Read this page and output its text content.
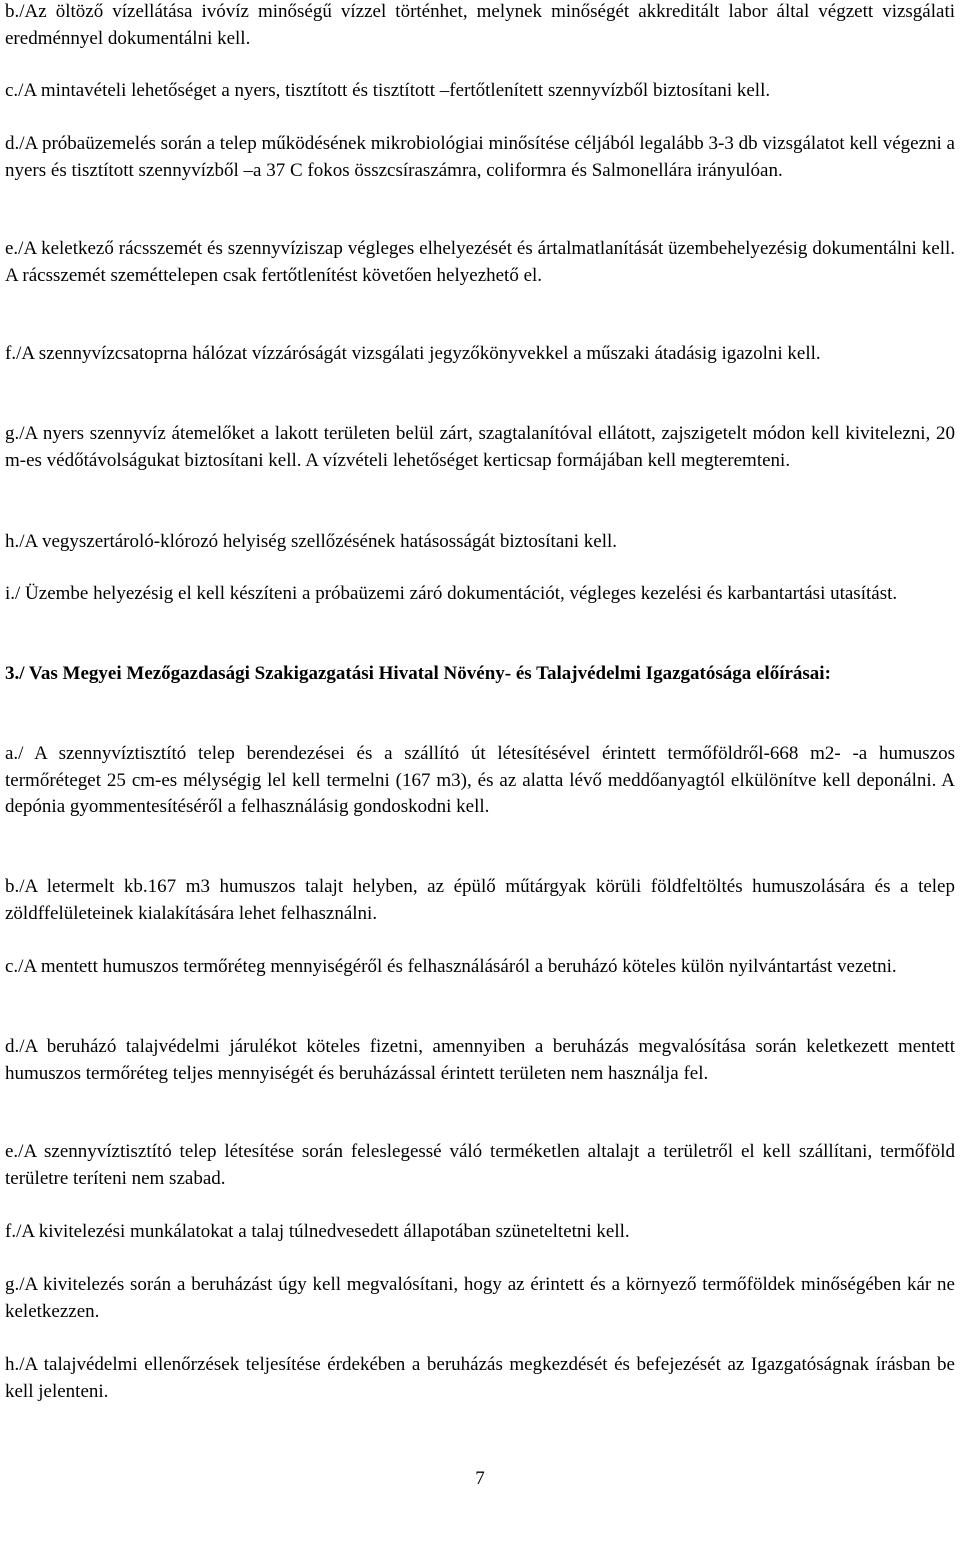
b./Az öltöző vízellátása ivóvíz minőségű vízzel történhet, melynek minőségét akkreditált labor által végzett vizsgálati eredménnyel dokumentálni kell.

c./A mintavételi lehetőséget a nyers, tisztított és tisztított –fertőtlenített szennyvízből biztosítani kell.

d./A próbaüzemelés során a telep működésének mikrobiológiai minősítése céljából legalább 3-3 db vizsgálatot kell végezni a nyers és tisztított szennyvízből –a 37 C fokos összcsíraszámra, coliformra és Salmonellára irányulóan.

e./A keletkező rácsszemét és szennyvíziszap végleges elhelyezését és ártalmatlanítását üzembehelyezésig dokumentálni kell. A rácsszemét szeméttelepen csak fertőtlenítést követően helyezhető el.

f./A szennyvízcsatoprna hálózat vízzáróságát vizsgálati jegyzőkönyvekkel a műszaki átadásig igazolni kell.

g./A nyers szennyvíz átemelőket a lakott területen belül zárt, szagtalanítóval ellátott, zajszigetelt módon kell kivitelezni, 20 m-es védőtávolságukat biztosítani kell. A vízvételi lehetőséget kerticsap formájában kell megteremteni.

h./A vegyszertároló-klórozó helyiség szellőzésének hatásosságát biztosítani kell.

i./ Üzembe helyezésig el kell készíteni a próbaüzemi záró dokumentációt, végleges kezelési és karbantartási utasítást.

3./ Vas Megyei Mezőgazdasági Szakigazgatási Hivatal Növény- és Talajvédelmi Igazgatósága előírásai:

a./ A szennyvíztisztító telep berendezései és a szállító út létesítésével érintett termőföldről-668 m2- -a humuszos termőréteget 25 cm-es mélységig lel kell termelni (167 m3), és az alatta lévő meddőanyagtól elkülönítve kell deponálni. A depónia gyommentesítéséről a felhasználásig gondoskodni kell.

b./A letermelt kb.167 m3 humuszos talajt helyben, az épülő műtárgyak körüli földfeltöltés humuszolására és a telep zöldffelületeinek kialakítására lehet felhasználni.

c./A mentett humuszos termőréteg mennyiségéről és felhasználásáról a beruházó köteles külön nyilvántartást vezetni.

d./A beruházó talajvédelmi járulékot köteles fizetni, amennyiben a beruházás megvalósítása során keletkezett mentett humuszos termőréteg teljes mennyiségét és beruházással érintett területen nem használja fel.

e./A szennyvíztisztító telep létesítése során feleslegessé váló terméketlen altalajt a területről el kell szállítani, termőföld területre teríteni nem szabad.

f./A kivitelezési munkálatokat a talaj túlnedvesedett állapotában szüneteltetni kell.

g./A kivitelezés során a beruházást úgy kell megvalósítani, hogy az érintett és a környező termőföldek minőségében kár ne keletkezzen.

h./A talajvédelmi ellenőrzések teljesítése érdekében a beruházás megkezdését és befejezését az Igazgatóságnak írásban be kell jelenteni.

7
